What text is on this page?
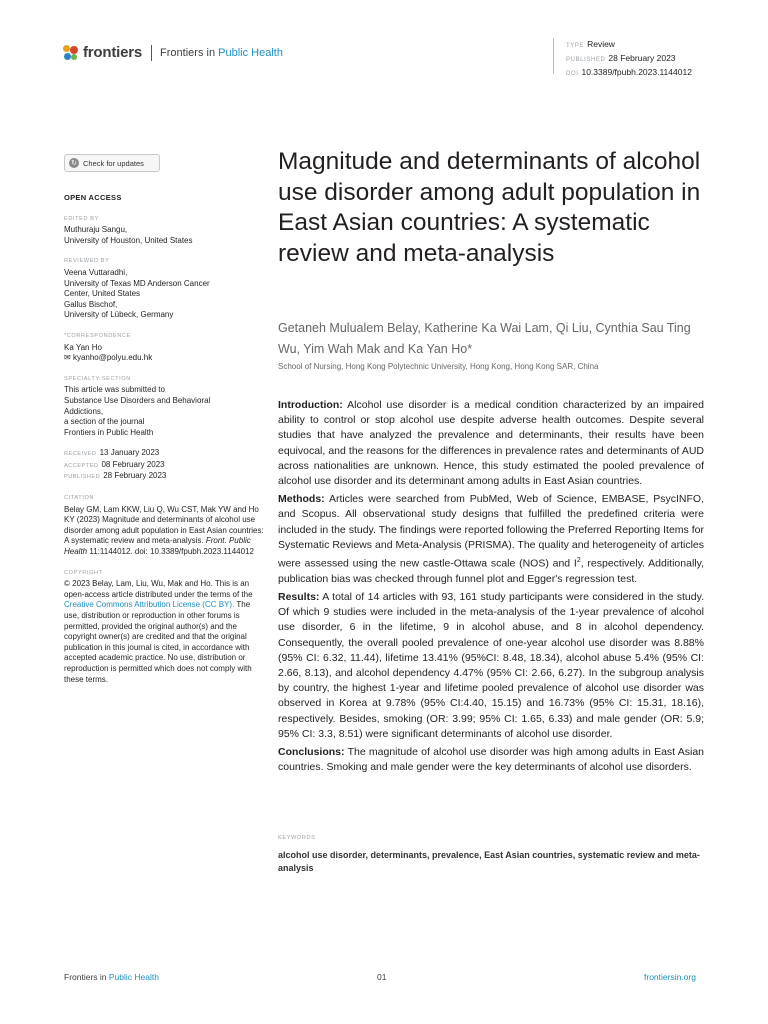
frontiers Frontiers in Public Health
TYPE Review
PUBLISHED 28 February 2023
DOI 10.3389/fpubh.2023.1144012
↻ Check for updates
OPEN ACCESS
EDITED BY
Muthuraju Sangu,
University of Houston, United States
REVIEWED BY
Veena Vuttaradhi,
University of Texas MD Anderson Cancer
Center, United States
Gallus Bischof,
University of Lübeck, Germany
*CORRESPONDENCE
Ka Yan Ho
✉ kyanho@polyu.edu.hk
SPECIALTY SECTION
This article was submitted to
Substance Use Disorders and Behavioral
Addictions,
a section of the journal
Frontiers in Public Health
RECEIVED 13 January 2023
ACCEPTED 08 February 2023
PUBLISHED 28 February 2023
CITATION
Belay GM, Lam KKW, Liu Q, Wu CST, Mak YW and Ho KY (2023) Magnitude and determinants of alcohol use disorder among adult population in East Asian countries: A systematic review and meta-analysis. Front. Public Health 11:1144012. doi: 10.3389/fpubh.2023.1144012
COPYRIGHT
© 2023 Belay, Lam, Liu, Wu, Mak and Ho. This is an open-access article distributed under the terms of the Creative Commons Attribution License (CC BY). The use, distribution or reproduction in other forums is permitted, provided the original author(s) and the copyright owner(s) are credited and that the original publication in this journal is cited, in accordance with accepted academic practice. No use, distribution or reproduction is permitted which does not comply with these terms.
Magnitude and determinants of alcohol use disorder among adult population in East Asian countries: A systematic review and meta-analysis
Getaneh Mulualem Belay, Katherine Ka Wai Lam, Qi Liu, Cynthia Sau Ting Wu, Yim Wah Mak and Ka Yan Ho*
School of Nursing, Hong Kong Polytechnic University, Hong Kong, Hong Kong SAR, China

Introduction: Alcohol use disorder is a medical condition characterized by an impaired ability to control or stop alcohol use despite adverse health outcomes. Despite several studies that have analyzed the prevalence and determinants, their results have been equivocal, and the reasons for the differences in prevalence rates and determinants of AUD across nationalities are unknown. Hence, this study estimated the pooled prevalence of alcohol use disorder and its determinant among adults in East Asian countries.

Methods: Articles were searched from PubMed, Web of Science, EMBASE, PsycINFO, and Scopus. All observational study designs that fulfilled the predefined criteria were included in the study. The findings were reported following the Preferred Reporting Items for Systematic Reviews and Meta-Analysis (PRISMA). The quality and heterogeneity of articles were assessed using the new castle-Ottawa scale (NOS) and $I^2$, respectively. Additionally, publication bias was checked through funnel plot and Egger's regression test.

Results: A total of 14 articles with 93, 161 study participants were considered in the study. Of which 9 studies were included in the meta-analysis of the 1-year prevalence of alcohol use disorder, 6 in the lifetime, 9 in alcohol abuse, and 8 in alcohol dependency. Consequently, the overall pooled prevalence of one-year alcohol use disorder was 8.88% (95% CI: 6.32, 11.44), lifetime 13.41% (95%CI: 8.48, 18.34), alcohol abuse 5.4% (95% CI: 2.66, 8.13), and alcohol dependency 4.47% (95% CI: 2.66, 6.27). In the subgroup analysis by country, the highest 1-year and lifetime pooled prevalence of alcohol use disorder was observed in Korea at 9.78% (95% CI:4.40, 15.15) and 16.73% (95% CI: 15.31, 18.16), respectively. Besides, smoking (OR: 3.99; 95% CI: 1.65, 6.33) and male gender (OR: 5.9; 95% CI: 3.3, 8.51) were significant determinants of alcohol use disorder.

Conclusions: The magnitude of alcohol use disorder was high among adults in East Asian countries. Smoking and male gender were the key determinants of alcohol use disorders.

KEYWORDS
alcohol use disorder, determinants, prevalence, East Asian countries, systematic review and meta-analysis
Frontiers in Public Health	01	frontiersin.org
